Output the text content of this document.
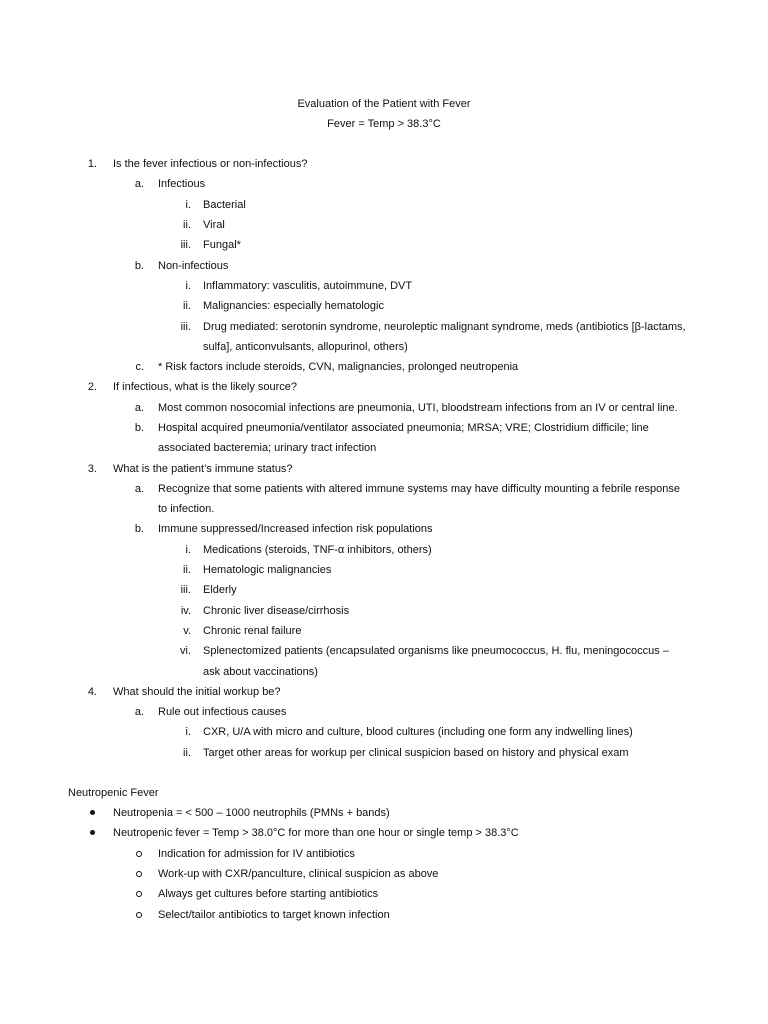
Evaluation of the Patient with Fever
Fever = Temp > 38.3°C
1. Is the fever infectious or non-infectious?
a. Infectious
i. Bacterial
ii. Viral
iii. Fungal*
b. Non-infectious
i. Inflammatory: vasculitis, autoimmune, DVT
ii. Malignancies: especially hematologic
iii. Drug mediated: serotonin syndrome, neuroleptic malignant syndrome, meds (antibiotics [β-lactams,
sulfa], anticonvulsants, allopurinol, others)
c. * Risk factors include steroids, CVN, malignancies, prolonged neutropenia
2. If infectious, what is the likely source?
a. Most common nosocomial infections are pneumonia, UTI, bloodstream infections from an IV or central line.
b. Hospital acquired pneumonia/ventilator associated pneumonia; MRSA; VRE; Clostridium difficile; line
associated bacteremia; urinary tract infection
3. What is the patient’s immune status?
a. Recognize that some patients with altered immune systems may have difficulty mounting a febrile response
to infection.
b. Immune suppressed/Increased infection risk populations
i. Medications (steroids, TNF-α inhibitors, others)
ii. Hematologic malignancies
iii. Elderly
iv. Chronic liver disease/cirrhosis
v. Chronic renal failure
vi. Splenectomized patients (encapsulated organisms like pneumococcus, H. flu, meningococcus –
ask about vaccinations)
4. What should the initial workup be?
a. Rule out infectious causes
i. CXR, U/A with micro and culture, blood cultures (including one form any indwelling lines)
ii. Target other areas for workup per clinical suspicion based on history and physical exam
Neutropenic Fever
Neutropenia = < 500 – 1000 neutrophils (PMNs + bands)
Neutropenic fever = Temp > 38.0°C for more than one hour or single temp > 38.3°C
Indication for admission for IV antibiotics
Work-up with CXR/panculture, clinical suspicion as above
Always get cultures before starting antibiotics
Select/tailor antibiotics to target known infection
